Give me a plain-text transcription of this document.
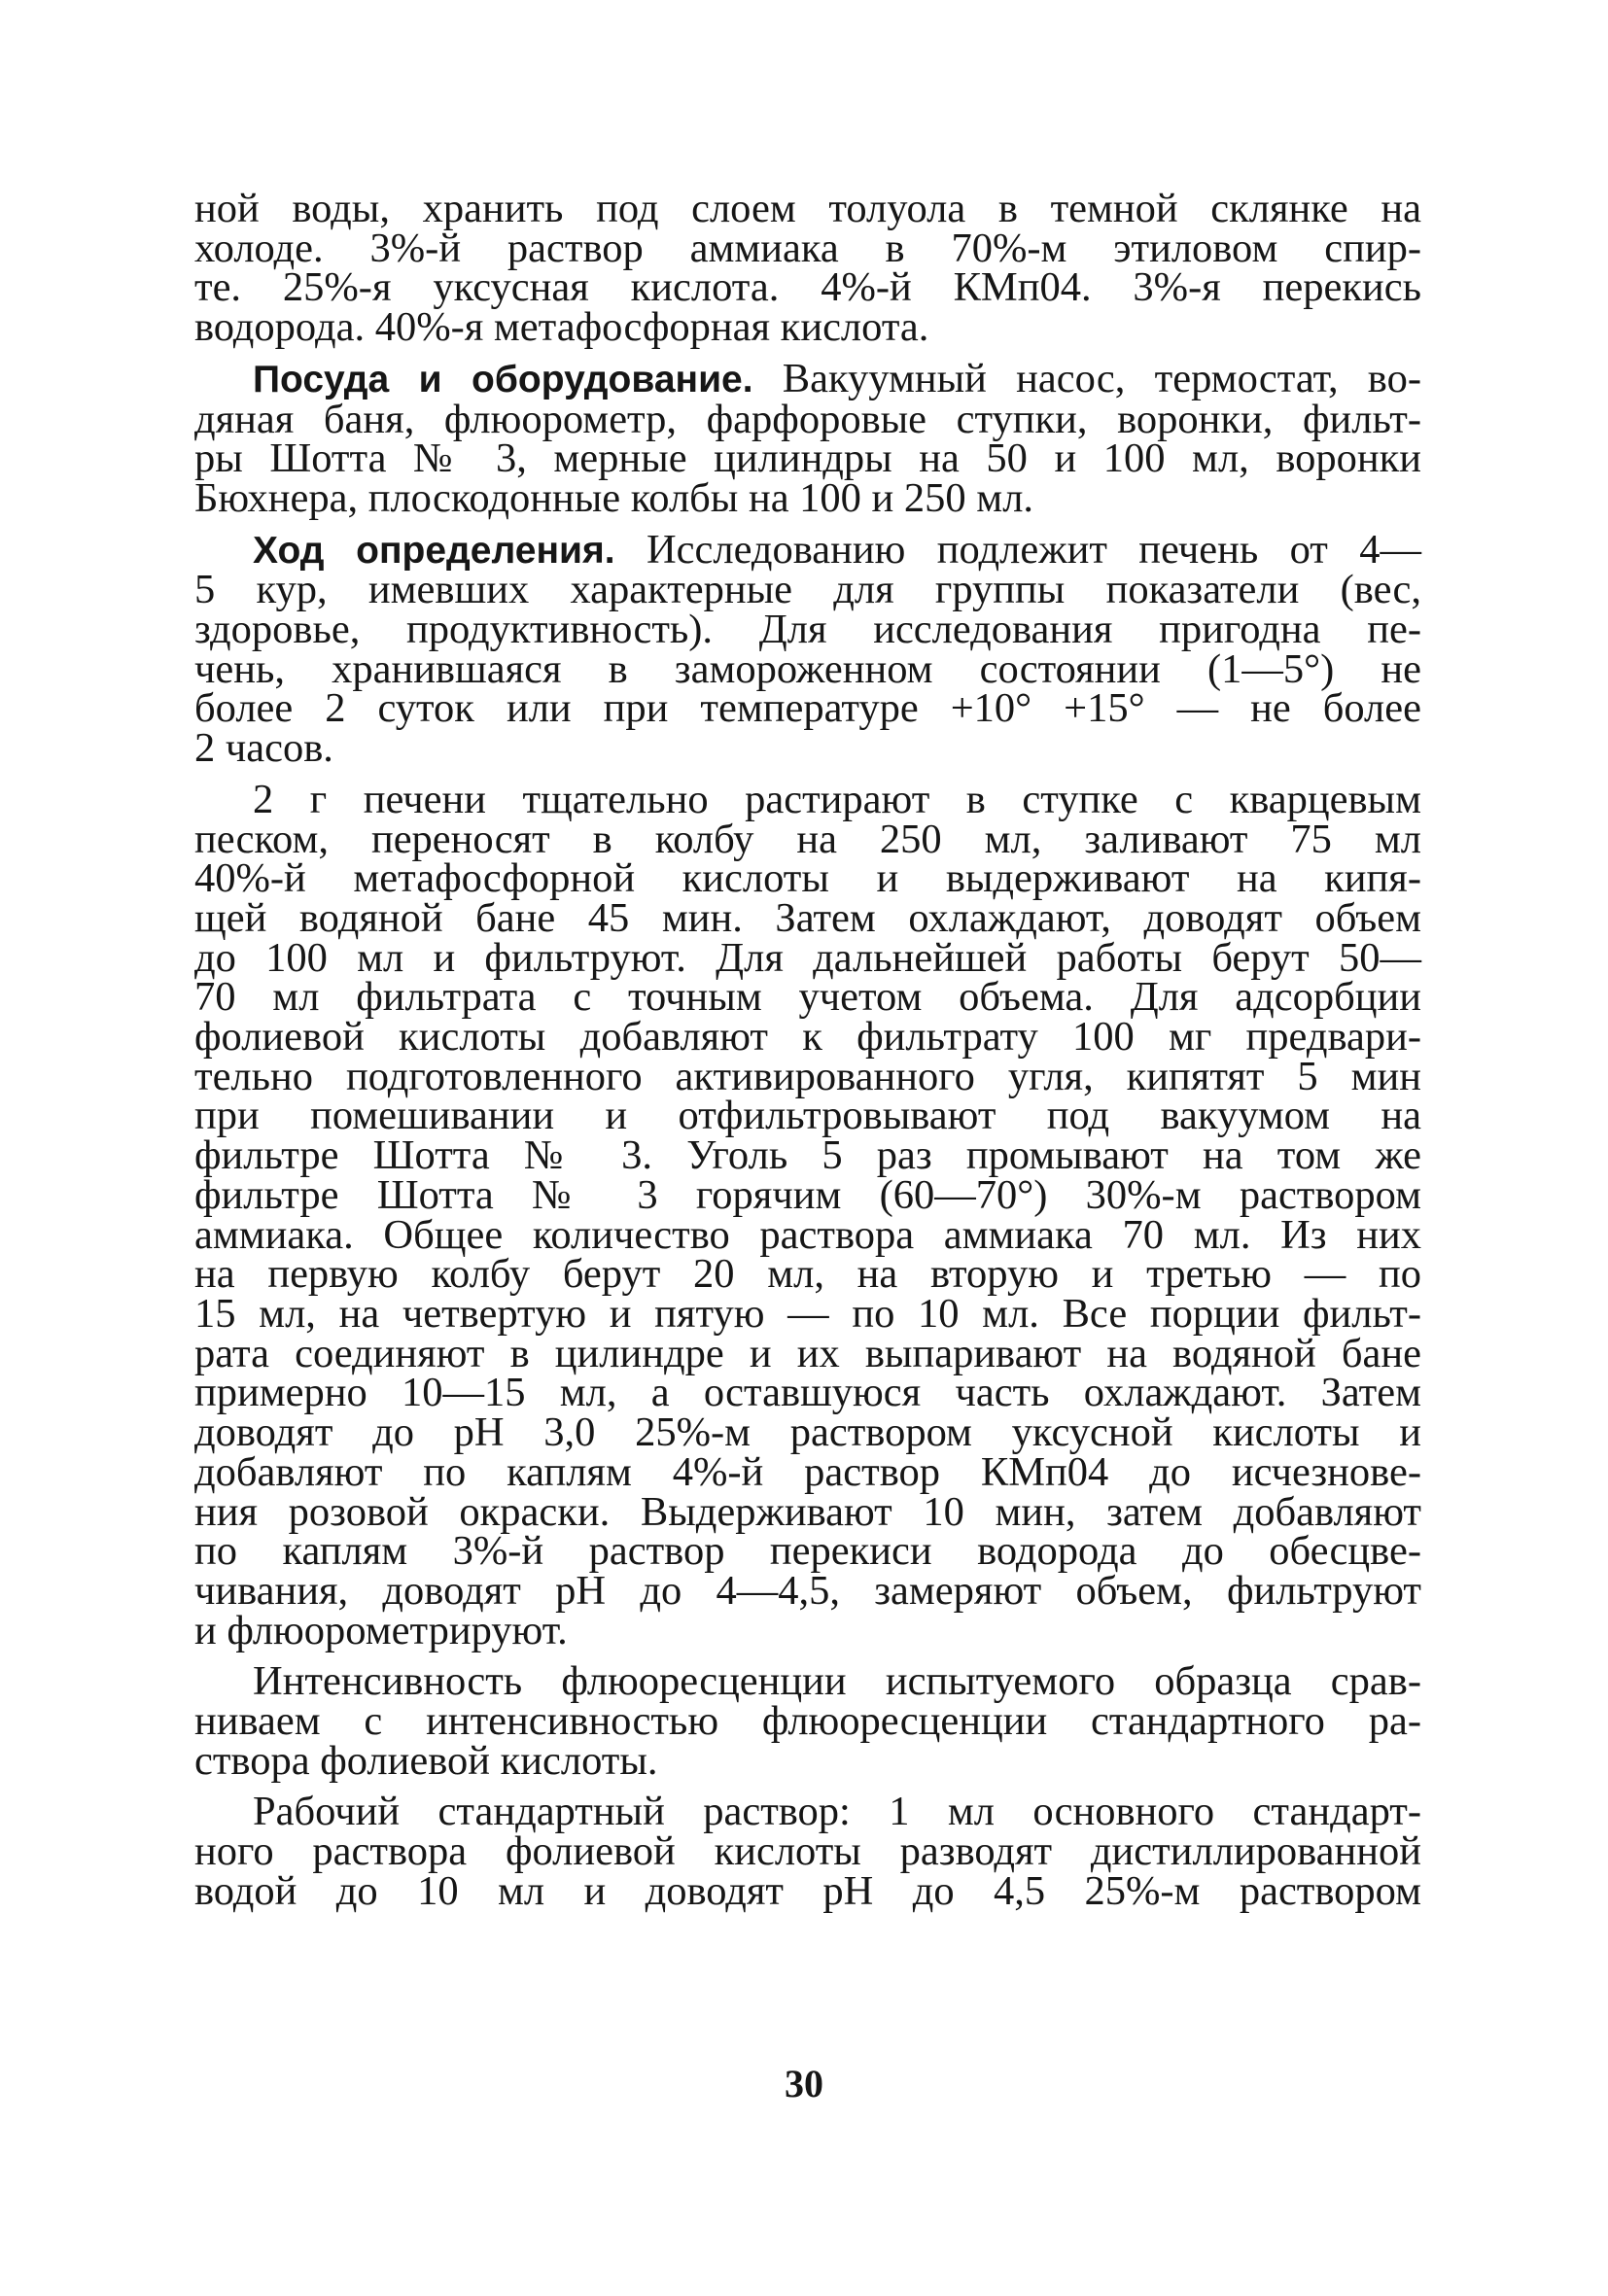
ной воды, хранить под слоем толуола в темной склянке на
холоде. 3%-й раствор аммиака в 70%-м этиловом спир-
те. 25%-я уксусная кислота. 4%-й КМп04. 3%-я перекись
водорода. 40%-я метафосфорная кислота.

Посуда и оборудование. Вакуумный насос, термостат, во-
дяная баня, флюорометр, фарфоровые ступки, воронки, фильт-
ры Шотта № 3, мерные цилиндры на 50 и 100 мл, воронки
Бюхнера, плоскодонные колбы на 100 и 250 мл.

Ход определения. Исследованию подлежит печень от 4—
5 кур, имевших характерные для группы показатели (вес,
здоровье, продуктивность). Для исследования пригодна пе-
чень, хранившаяся в замороженном состоянии (1—5°) не
более 2 суток или при температуре +10° +15° — не более
2 часов.

2 г печени тщательно растирают в ступке с кварцевым
песком, переносят в колбу на 250 мл, заливают 75 мл
40%-й метафосфорной кислоты и выдерживают на кипя-
щей водяной бане 45 мин. Затем охлаждают, доводят объем
до 100 мл и фильтруют. Для дальнейшей работы берут 50—
70 мл фильтрата с точным учетом объема. Для адсорбции
фолиевой кислоты добавляют к фильтрату 100 мг предвари-
тельно подготовленного активированного угля, кипятят 5 мин
при помешивании и отфильтровывают под вакуумом на
фильтре Шотта № 3. Уголь 5 раз промывают на том же
фильтре Шотта № 3 горячим (60—70°) 30%-м раствором
аммиака. Общее количество раствора аммиака 70 мл. Из них
на первую колбу берут 20 мл, на вторую и третью — по
15 мл, на четвертую и пятую — по 10 мл. Все порции фильт-
рата соединяют в цилиндре и их выпаривают на водяной бане
примерно 10—15 мл, а оставшуюся часть охлаждают. Затем
доводят до рН 3,0 25%-м раствором уксусной кислоты и
добавляют по каплям 4%-й раствор КМп04 до исчезнове-
ния розовой окраски. Выдерживают 10 мин, затем добавляют
по каплям 3%-й раствор перекиси водорода до обесцве-
чивания, доводят рН до 4—4,5, замеряют объем, фильтруют
и флюорометрируют.

Интенсивность флюоресценции испытуемого образца срав-
ниваем с интенсивностью флюоресценции стандартного ра-
створа фолиевой кислоты.

Рабочий стандартный раствор: 1 мл основного стандарт-
ного раствора фолиевой кислоты разводят дистиллированной
водой до 10 мл и доводят рН до 4,5 25%-м раствором

30
